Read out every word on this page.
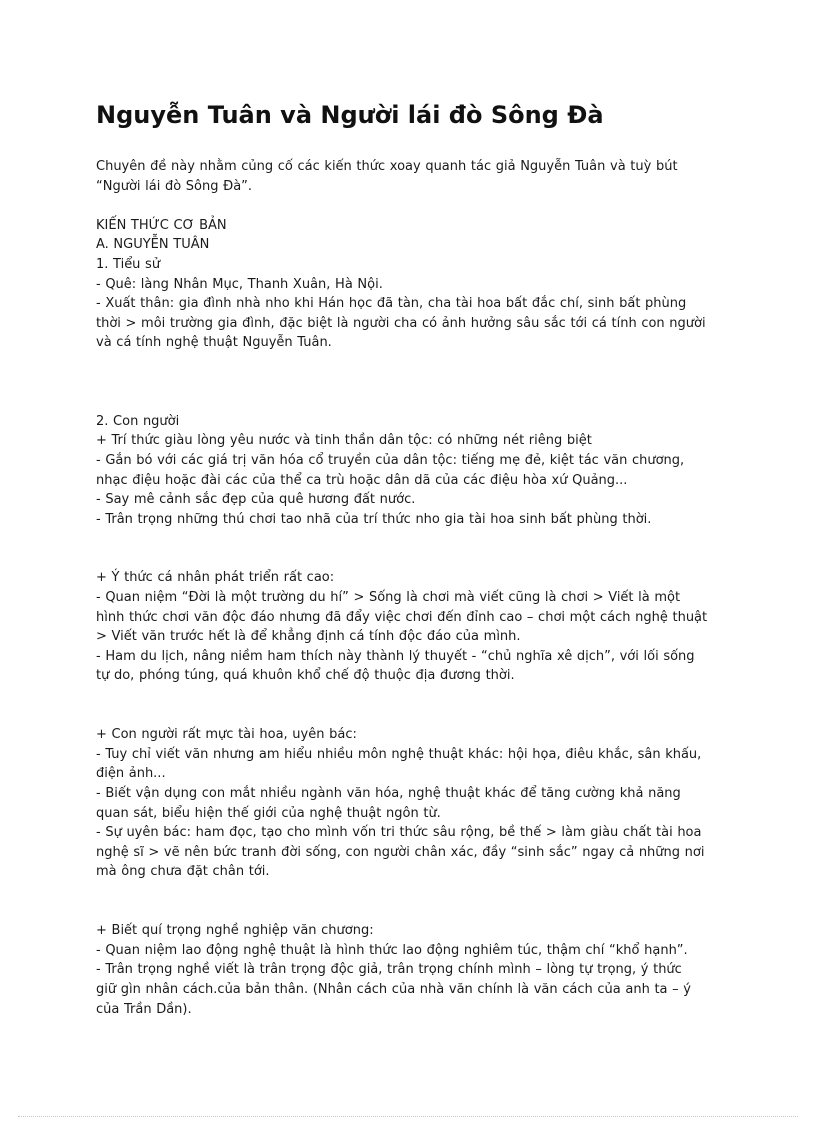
Nguyễn Tuân và Người lái đò Sông Đà
Chuyên đề này nhằm củng cố các kiến thức xoay quanh tác giả Nguyễn Tuân và tuỳ bút
“Người lái đò Sông Đà”.
KIẾN THỨC CƠ BẢN
A. NGUYỄN TUÂN
1. Tiểu sử
- Quê: làng Nhân Mục, Thanh Xuân, Hà Nội.
- Xuất thân: gia đình nhà nho khi Hán học đã tàn, cha tài hoa bất đắc chí, sinh bất phùng
thời > môi trường gia đình, đặc biệt là người cha có ảnh hưởng sâu sắc tới cá tính con người
và cá tính nghệ thuật Nguyễn Tuân.
2. Con người
+ Trí thức giàu lòng yêu nước và tinh thần dân tộc: có những nét riêng biệt
- Gắn bó với các giá trị văn hóa cổ truyền của dân tộc: tiếng mẹ đẻ, kiệt tác văn chương,
nhạc điệu hoặc đài các của thể ca trù hoặc dân dã của các điệu hòa xứ Quảng...
- Say mê cảnh sắc đẹp của quê hương đất nước.
- Trân trọng những thú chơi tao nhã của trí thức nho gia tài hoa sinh bất phùng thời.
+ Ý thức cá nhân phát triển rất cao:
- Quan niệm “Đời là một trường du hí” > Sống là chơi mà viết cũng là chơi > Viết là một
hình thức chơi văn độc đáo nhưng đã đẩy việc chơi đến đỉnh cao – chơi một cách nghệ thuật
> Viết văn trước hết là để khẳng định cá tính độc đáo của mình.
- Ham du lịch, nâng niềm ham thích này thành lý thuyết - “chủ nghĩa xê dịch”, với lối sống
tự do, phóng túng, quá khuôn khổ chế độ thuộc địa đương thời.
+ Con người rất mực tài hoa, uyên bác:
- Tuy chỉ viết văn nhưng am hiểu nhiều môn nghệ thuật khác: hội họa, điêu khắc, sân khấu,
điện ảnh...
- Biết vận dụng con mắt nhiều ngành văn hóa, nghệ thuật khác để tăng cường khả năng
quan sát, biểu hiện thế giới của nghệ thuật ngôn từ.
- Sự uyên bác: ham đọc, tạo cho mình vốn tri thức sâu rộng, bề thế > làm giàu chất tài hoa
nghệ sĩ > vẽ nên bức tranh đời sống, con người chân xác, đầy “sinh sắc” ngay cả những nơi
mà ông chưa đặt chân tới.
+ Biết quí trọng nghề nghiệp văn chương:
- Quan niệm lao động nghệ thuật là hình thức lao động nghiêm túc, thậm chí “khổ hạnh”.
- Trân trọng nghề viết là trân trọng độc giả, trân trọng chính mình – lòng tự trọng, ý thức
giữ gìn nhân cách.của bản thân. (Nhân cách của nhà văn chính là văn cách của anh ta – ý
của Trần Dần).
